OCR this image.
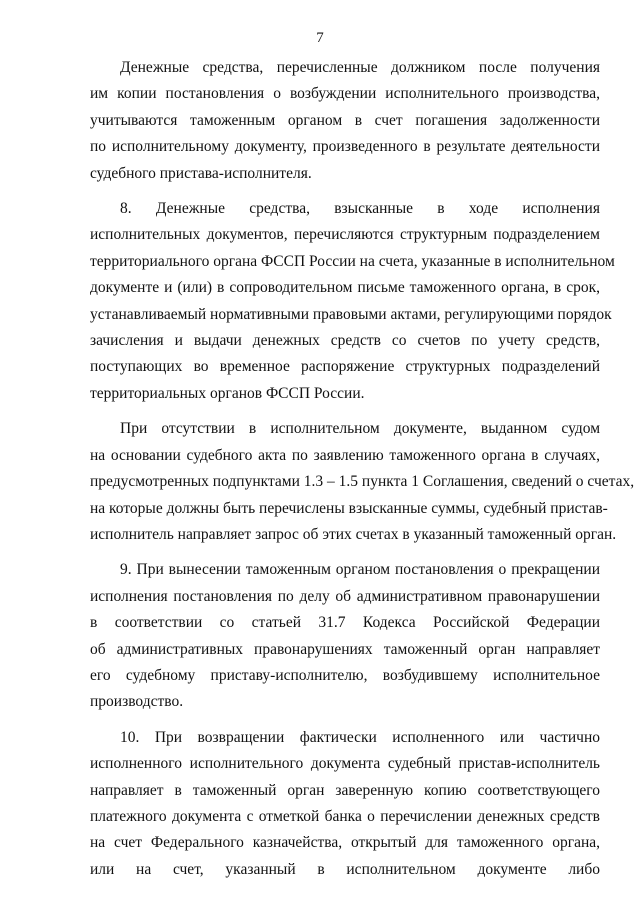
7
Денежные средства, перечисленные должником после получения
им копии постановления о возбуждении исполнительного производства,
учитываются таможенным органом в счет погашения задолженности
по исполнительному документу, произведенного в результате деятельности
судебного пристава-исполнителя.
8. Денежные средства, взысканные в ходе исполнения
исполнительных документов, перечисляются структурным подразделением
территориального органа ФССП России на счета, указанные в исполнительном
документе и (или) в сопроводительном письме таможенного органа, в срок,
устанавливаемый нормативными правовыми актами, регулирующими порядок
зачисления и выдачи денежных средств со счетов по учету средств,
поступающих во временное распоряжение структурных подразделений
территориальных органов ФССП России.
При отсутствии в исполнительном документе, выданном судом
на основании судебного акта по заявлению таможенного органа в случаях,
предусмотренных подпунктами 1.3 – 1.5 пункта 1 Соглашения, сведений о счетах,
на которые должны быть перечислены взысканные суммы, судебный пристав-
исполнитель направляет запрос об этих счетах в указанный таможенный орган.
9. При вынесении таможенным органом постановления о прекращении
исполнения постановления по делу об административном правонарушении
в соответствии со статьей 31.7 Кодекса Российской Федерации
об административных правонарушениях таможенный орган направляет
его судебному приставу-исполнителю, возбудившему исполнительное
производство.
10. При возвращении фактически исполненного или частично
исполненного исполнительного документа судебный пристав-исполнитель
направляет в таможенный орган заверенную копию соответствующего
платежного документа с отметкой банка о перечислении денежных средств
на счет Федерального казначейства, открытый для таможенного органа,
или на счет, указанный в исполнительном документе либо
